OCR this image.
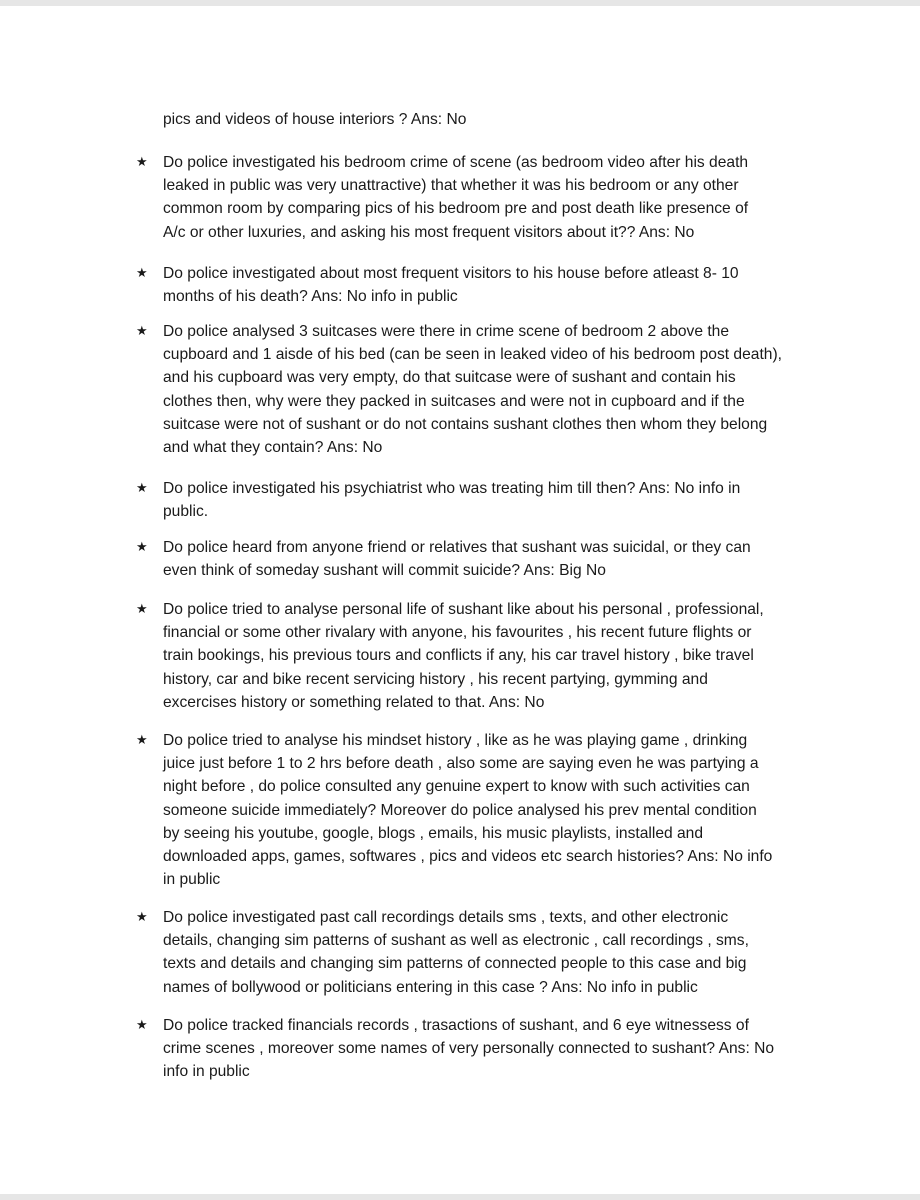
pics and videos of house interiors ? Ans: No
★ Do police investigated his bedroom crime of scene (as bedroom video after his death
leaked in public was very unattractive) that whether it was his bedroom or any other
common room by comparing pics of his bedroom pre and post death like presence of
A/c or other luxuries, and asking his most frequent visitors about it?? Ans: No
★ Do police investigated about most frequent visitors to his house before atleast 8- 10
months of his death? Ans: No info in public
★ Do police analysed 3 suitcases were there in crime scene of bedroom 2 above the
cupboard and 1 aisde of his bed (can be seen in leaked video of his bedroom post death),
and his cupboard was very empty, do that suitcase were of sushant and contain his
clothes then, why were they packed in suitcases and were not in cupboard and if the
suitcase were not of sushant or do not contains sushant clothes then whom they belong
and what they contain? Ans: No
★ Do police investigated his psychiatrist who was treating him till then? Ans: No info in
public.
★ Do police heard from anyone friend or relatives that sushant was suicidal, or they can
even think of someday sushant will commit suicide? Ans: Big No
★ Do police tried to analyse personal life of sushant like about his personal , professional,
financial or some other rivalary with anyone, his favourites , his recent future flights or
train bookings, his previous tours and conflicts if any, his car travel history , bike travel
history, car and bike recent servicing history , his recent partying, gymming and
excercises history or something related to that. Ans: No
★ Do police tried to analyse his mindset history , like as he was playing game , drinking
juice just before 1 to 2 hrs before death , also some are saying even he was partying a
night before , do police consulted any genuine expert to know with such activities can
someone suicide immediately? Moreover do police analysed his prev mental condition
by seeing his youtube, google, blogs , emails, his music playlists, installed and
downloaded apps, games, softwares , pics and videos etc search histories? Ans: No info
in public
★ Do police investigated past call recordings details sms , texts, and other electronic
details, changing sim patterns of sushant as well as electronic , call recordings , sms,
texts and details and changing sim patterns of connected people to this case and big
names of bollywood or politicians entering in this case ? Ans: No info in public
★ Do police tracked financials records , trasactions of sushant, and 6 eye witnessess of
crime scenes , moreover some names of very personally connected to sushant? Ans: No
info in public
